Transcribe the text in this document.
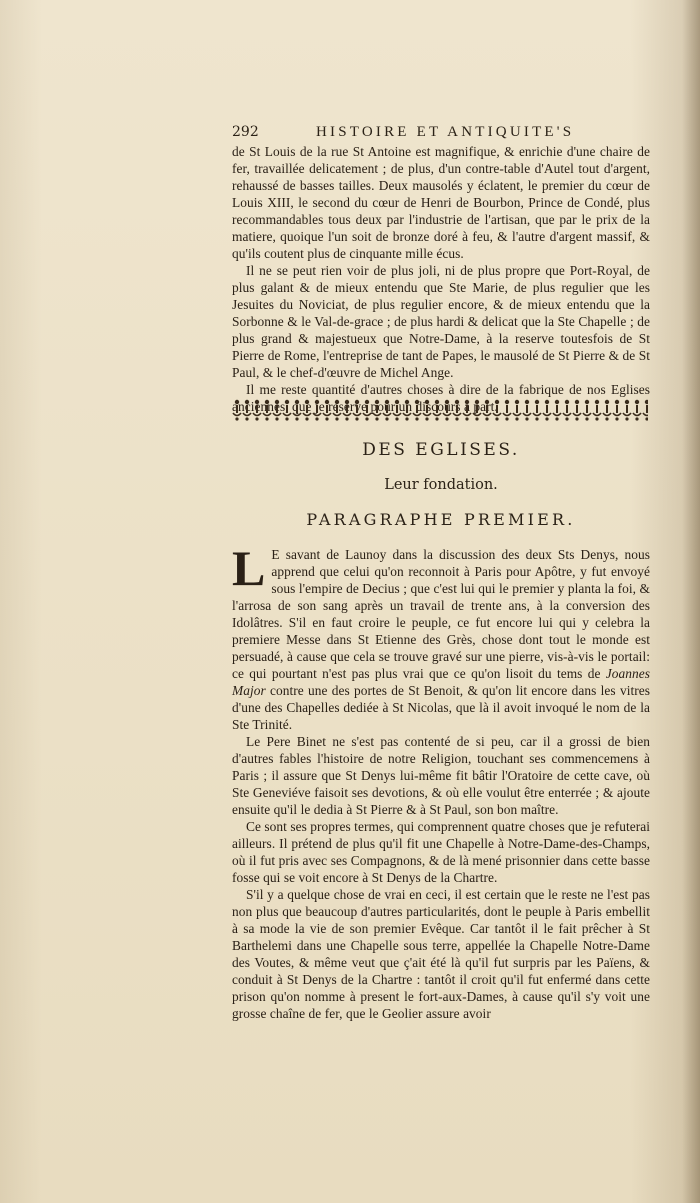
292	HISTOIRE ET ANTIQUITE'S

de St Louis de la rue St Antoine est magnifique, & enrichie d'une chaire de fer, travaillée delicatement ; de plus, d'un contre-table d'Autel tout d'argent, rehaussé de basses tailles. Deux mausolés y éclatent, le premier du cœur de Louis XIII, le second du cœur de Henri de Bourbon, Prince de Condé, plus recommandables tous deux par l'industrie de l'artisan, que par le prix de la matiere, quoique l'un soit de bronze doré à feu, & l'autre d'argent massif, & qu'ils coutent plus de cinquante mille écus.

Il ne se peut rien voir de plus joli, ni de plus propre que Port-Royal, de plus galant & de mieux entendu que Ste Marie, de plus regulier que les Jesuites du Noviciat, de plus regulier encore, & de mieux entendu que la Sorbonne & le Val-de-grace ; de plus hardi & delicat que la Ste Chapelle ; de plus grand & majestueux que Notre-Dame, à la reserve toutesfois de St Pierre de Rome, l'entreprise de tant de Papes, le mausolé de St Pierre & de St Paul, & le chef-d'œuvre de Michel Ange.

Il me reste quantité d'autres choses à dire de la fabrique de nos Eglises

DES EGLISES.
Leur fondation.
PARAGRAPHE PREMIER.

L E savant de Launoy dans la discussion des deux Sts Denys, nous apprend que celui qu'on reconnoit à Paris pour Apôtre, y fut envoyé sous l'empire de Decius ; que c'est lui qui le premier y planta la foi, & l'arrosa de son sang après un travail de trente ans, à la conversion des Idolâtres. S'il en faut croire le peuple, ce fut encore lui qui y celebra la premiere Messe dans St Etienne des Grès, chose dont tout le monde est persuadé, à cause que cela se trouve gravé sur une pierre, vis-à-vis le portail: ce qui pourtant n'est pas plus vrai que ce qu'on lisoit du tems de Joannes Major contre une des portes de St Benoit, & qu'on lit encore dans les vitres d'une des Chapelles dediée à St Nicolas, que là il avoit invoqué le nom de la Ste Trinité.

Le Pere Binet ne s'est pas contenté de si peu, car il a grossi de bien d'autres fables l'histoire de notre Religion, touchant ses commencemens à Paris ; il assure que St Denys lui-même fit bâtir l'Oratoire de cette cave, où Ste Geneviéve faisoit ses devotions, & où elle voulut être enterrée ; & ajoute ensuite qu'il le dedia à St Pierre & à St Paul, son bon maître.

Ce sont ses propres termes, qui comprennent quatre choses que je refuterai ailleurs. Il prétend de plus qu'il fit une Chapelle à Notre-Dame-des-Champs, où il fut pris avec ses Compagnons, & de là mené prisonnier dans cette basse fosse qui se voit encore à St Denys de la Chartre.

S'il y a quelque chose de vrai en ceci, il est certain que le reste ne l'est pas non plus que beaucoup d'autres particularités, dont le peuple à Paris embellit à sa mode la vie de son premier Evêque. Car tantôt il le fait prêcher à St Barthelemi dans une Chapelle sous terre, appellée la Chapelle Notre-Dame des Voutes, & même veut que ç'ait été là qu'il fut surpris par les Païens, & conduit à St Denys de la Chartre : tantôt il croit qu'il fut enfermé dans cette prison qu'on nomme à present le fort-aux-Dames, à cause qu'il s'y voit une grosse chaîne de fer, que le Geolier assure avoir
